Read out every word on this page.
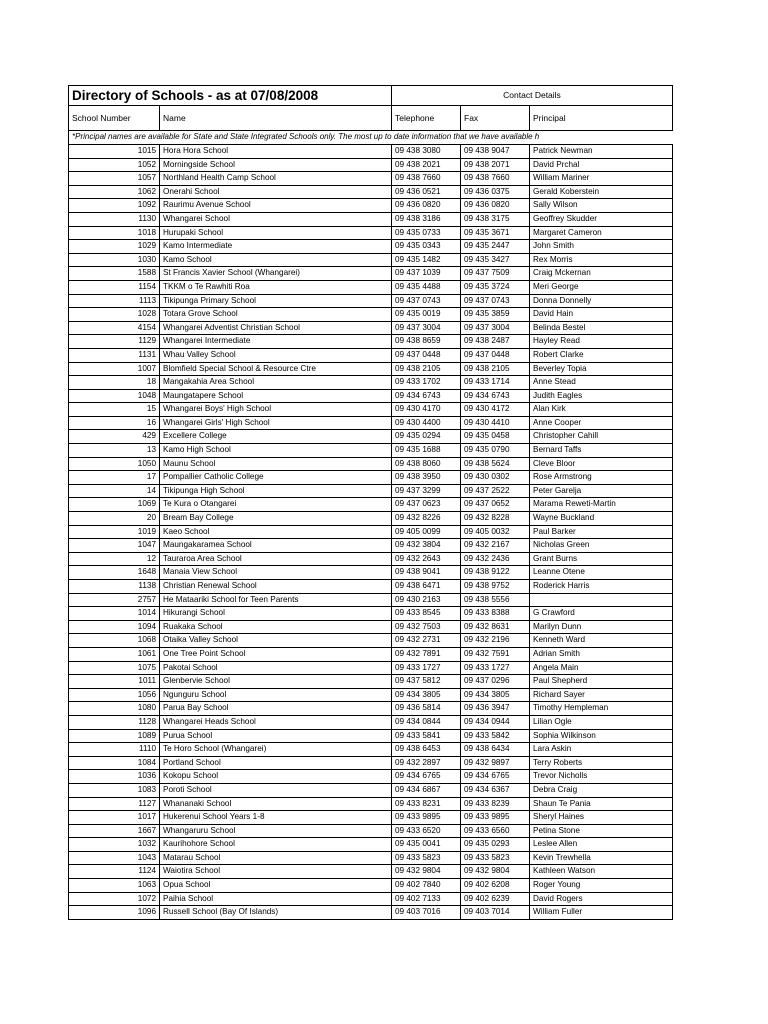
Directory of Schools - as at 07/08/2008		Contact Details		
School Number	Name	Telephone	Fax	Principal
*Principal names are available for State and State Integrated Schools only. The most up to date information that we have available h				
1015	Hora Hora School	09 438 3080	09 438 9047	Patrick Newman
1052	Morningside School	09 438 2021	09 438 2071	David Prchal
1057	Northland Health Camp School	09 438 7660	09 438 7660	William Mariner
1062	Onerahi School	09 436 0521	09 436 0375	Gerald Koberstein
1092	Raurimu Avenue School	09 436 0820	09 436 0820	Sally Wilson
1130	Whangarei School	09 438 3186	09 438 3175	Geoffrey Skudder
1018	Hurupaki School	09 435 0733	09 435 3671	Margaret Cameron
1029	Kamo Intermediate	09 435 0343	09 435 2447	John Smith
1030	Kamo School	09 435 1482	09 435 3427	Rex Morris
1588	St Francis Xavier School (Whangarei)	09 437 1039	09 437 7509	Craig Mckernan
1154	TKKM o Te Rawhiti Roa	09 435 4488	09 435 3724	Meri George
1113	Tikipunga Primary School	09 437 0743	09 437 0743	Donna Donnelly
1028	Totara Grove School	09 435 0019	09 435 3859	David Hain
4154	Whangarei Adventist Christian School	09 437 3004	09 437 3004	Belinda Bestel
1129	Whangarei Intermediate	09 438 8659	09 438 2487	Hayley Read
1131	Whau Valley School	09 437 0448	09 437 0448	Robert Clarke
1007	Blomfield Special School & Resource Ctre	09 438 2105	09 438 2105	Beverley Topia
18	Mangakahia Area School	09 433 1702	09 433 1714	Anne Stead
1048	Maungatapere School	09 434 6743	09 434 6743	Judith Eagles
15	Whangarei Boys' High School	09 430 4170	09 430 4172	Alan Kirk
16	Whangarei Girls' High School	09 430 4400	09 430 4410	Anne Cooper
429	Excellere College	09 435 0294	09 435 0458	Christopher Cahill
13	Kamo High School	09 435 1688	09 435 0790	Bernard Taffs
1050	Maunu School	09 438 8060	09 438 5624	Cleve Bloor
17	Pompallier Catholic College	09 438 3950	09 430 0302	Rose Armstrong
14	Tikipunga High School	09 437 3299	09 437 2522	Peter Garelja
1069	Te Kura o Otangarei	09 437 0623	09 437 0652	Marama Reweti-Martin
20	Bream Bay College	09 432 8226	09 432 8228	Wayne Buckland
1019	Kaeo School	09 405 0099	09 405 0032	Paul Barker
1047	Maungakaramea School	09 432 3804	09 432 2167	Nicholas Green
12	Tauraroa Area School	09 432 2643	09 432 2436	Grant Burns
1648	Manaia View School	09 438 9041	09 438 9122	Leanne Otene
1138	Christian Renewal School	09 438 6471	09 438 9752	Roderick Harris
2757	He Mataariki School for Teen Parents	09 430 2163	09 438 5556	
1014	Hikurangi School	09 433 8545	09 433 8388	G Crawford
1094	Ruakaka School	09 432 7503	09 432 8631	Marilyn Dunn
1068	Otaika Valley School	09 432 2731	09 432 2196	Kenneth Ward
1061	One Tree Point School	09 432 7891	09 432 7591	Adrian Smith
1075	Pakotai School	09 433 1727	09 433 1727	Angela Main
1011	Glenbervie School	09 437 5812	09 437 0296	Paul Shepherd
1056	Ngunguru School	09 434 3805	09 434 3805	Richard Sayer
1080	Parua Bay School	09 436 5814	09 436 3947	Timothy Hempleman
1128	Whangarei Heads School	09 434 0844	09 434 0944	Lilian Ogle
1089	Purua School	09 433 5841	09 433 5842	Sophia Wilkinson
1110	Te Horo School (Whangarei)	09 438 6453	09 438 6434	Lara Askin
1084	Portland School	09 432 2897	09 432 9897	Terry Roberts
1036	Kokopu School	09 434 6765	09 434 6765	Trevor Nicholls
1083	Poroti School	09 434 6867	09 434 6367	Debra Craig
1127	Whananaki School	09 433 8231	09 433 8239	Shaun Te Pania
1017	Hukerenui School Years 1-8	09 433 9895	09 433 9895	Sheryl Haines
1667	Whangaruru School	09 433 6520	09 433 6560	Petina Stone
1032	Kaurihohore School	09 435 0041	09 435 0293	Leslee Allen
1043	Matarau School	09 433 5823	09 433 5823	Kevin Trewhella
1124	Waiotira School	09 432 9804	09 432 9804	Kathleen Watson
1063	Opua School	09 402 7840	09 402 6208	Roger Young
1072	Paihia School	09 402 7133	09 402 6239	David Rogers
1096	Russell School (Bay Of Islands)	09 403 7016	09 403 7014	William Fuller
